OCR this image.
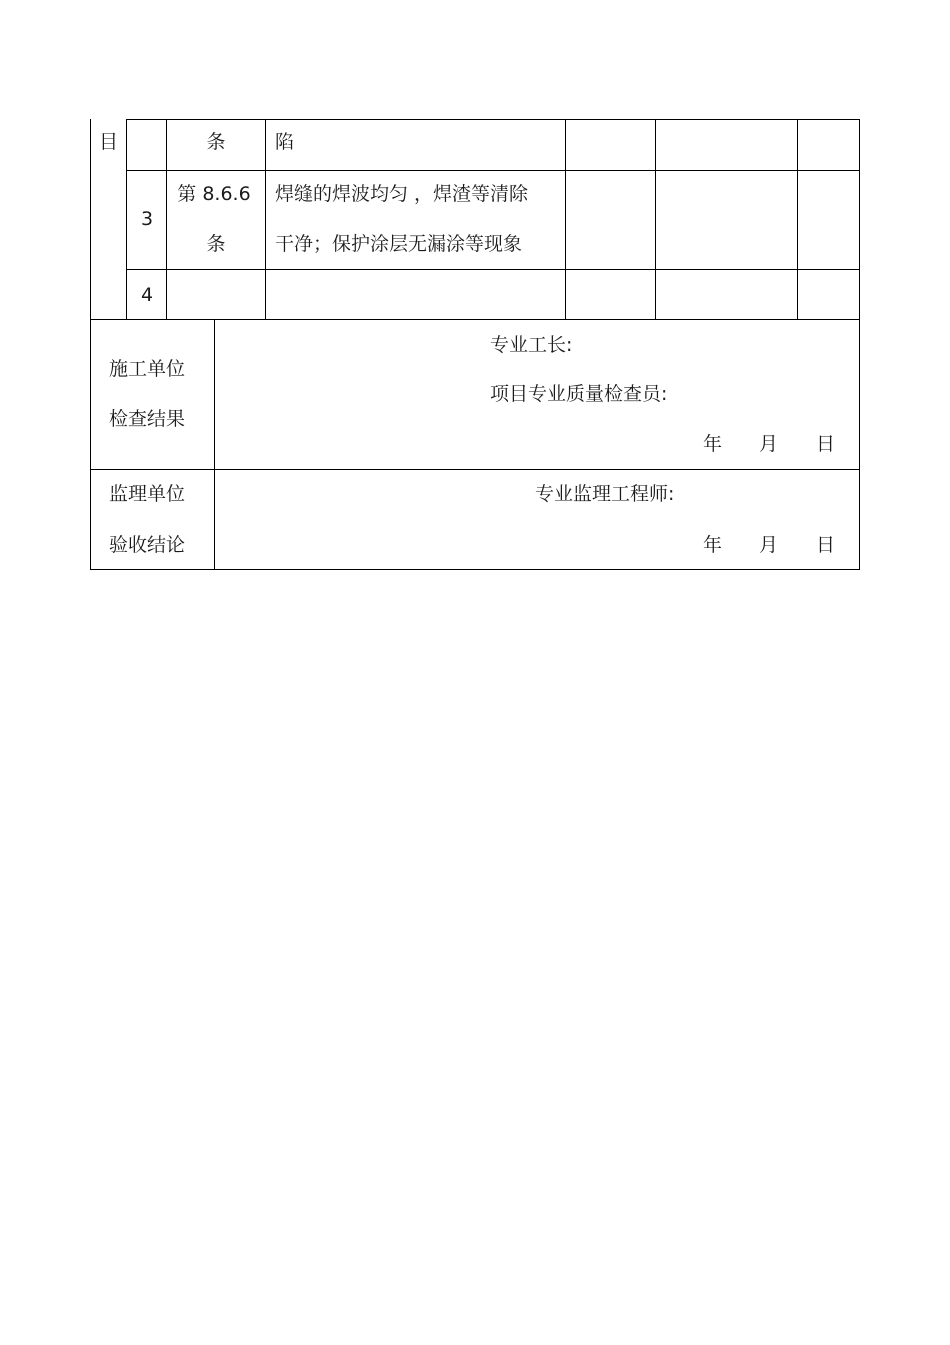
目	条	陷
3
第 8.6.6
条
焊缝的焊波均匀 ，焊渣等清除
干净；保护涂层无漏涂等现象
4
施工单位
检查结果
专业工长:
项目专业质量检查员:
年 月 日
监理单位
验收结论
专业监理工程师:
年 月 日
